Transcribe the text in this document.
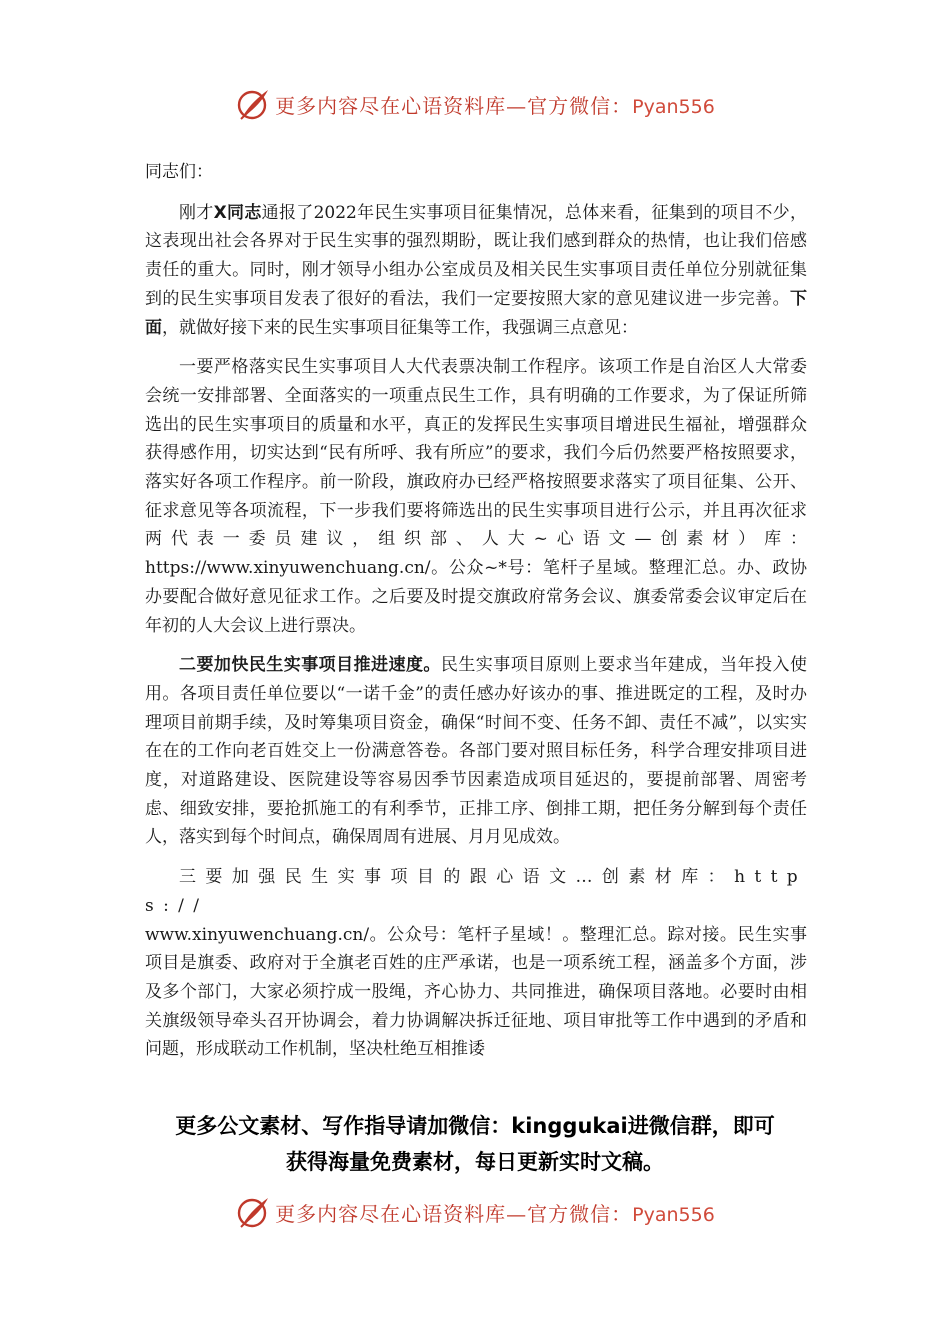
更多内容尽在心语资料库—官方微信：Pyan556

同志们：

刚才X同志通报了2022年民生实事项目征集情况，总体来看，征集到的项目不少，这表现出社会各界对于民生实事的强烈期盼，既让我们感到群众的热情，也让我们倍感责任的重大。同时，刚才领导小组办公室成员及相关民生实事项目责任单位分别就征集到的民生实事项目发表了很好的看法，我们一定要按照大家的意见建议进一步完善。下面，就做好接下来的民生实事项目征集等工作，我强调三点意见：

一要严格落实民生实事项目人大代表票决制工作程序。该项工作是自治区人大常委会统一安排部署、全面落实的一项重点民生工作，具有明确的工作要求，为了保证所筛选出的民生实事项目的质量和水平，真正的发挥民生实事项目增进民生福祉，增强群众获得感作用，切实达到“民有所呼、我有所应”的要求，我们今后仍然要严格按照要求，落实好各项工作程序。前一阶段，旗政府办已经严格按照要求落实了项目征集、公开、征求意见等各项流程，下一步我们要将筛选出的民生实事项目进行公示，并且再次征求两代表一委员建议，组织部、人大~心语文—创素材）库：https://www.xinyuwenchuang.cn/。公众~*号：笔杆子星域。整理汇总。办、政协办要配合做好意见征求工作。之后要及时提交旗政府常务会议、旗委常委会议审定后在年初的人大会议上进行票决。

二要加快民生实事项目推进速度。民生实事项目原则上要求当年建成，当年投入使用。各项目责任单位要以“一诺千金”的责任感办好该办的事、推进既定的工程，及时办理项目前期手续，及时筹集项目资金，确保“时间不变、任务不卸、责任不减”，以实实在在的工作向老百姓交上一份满意答卷。各部门要对照目标任务，科学合理安排项目进度，对道路建设、医院建设等容易因季节因素造成项目延迟的，要提前部署、周密考虑、细致安排，要抢抓施工的有利季节，正排工序、倒排工期，把任务分解到每个责任人，落实到每个时间点，确保周周有进展、月月见成效。

三要加强民生实事项目的跟心语文…创素材库：https://

www.xinyuwenchuang.cn/。公众号：笔杆子星域！。整理汇总。踪对接。民生实事项目是旗委、政府对于全旗老百姓的庄严承诺，也是一项系统工程，涵盖多个方面，涉及多个部门，大家必须拧成一股绳，齐心协力、共同推进，确保项目落地。必要时由相关旗级领导牵头召开协调会，着力协调解决拆迁征地、项目审批等工作中遇到的矛盾和问题，形成联动工作机制，坚决杜绝互相推诿

更多公文素材、写作指导请加微信：kinggukai进微信群，即可
获得海量免费素材，每日更新实时文稿。
更多内容尽在心语资料库—官方微信：Pyan556
